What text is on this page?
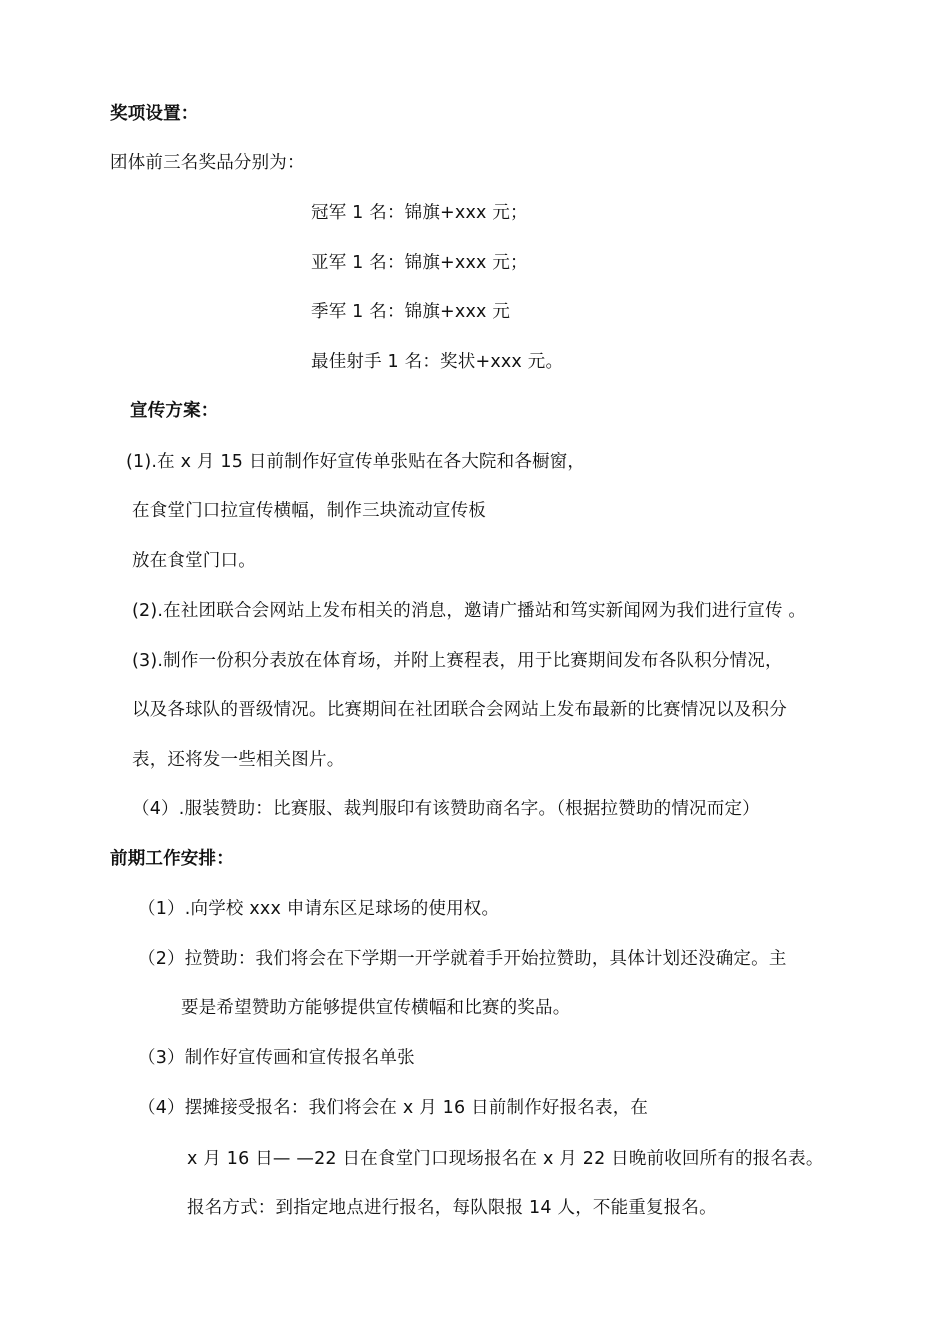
奖项设置：
团体前三名奖品分别为：
冠军 1 名：锦旗+xxx 元；
亚军 1 名：锦旗+xxx 元；
季军 1 名：锦旗+xxx 元
最佳射手 1 名：奖状+xxx 元。
宣传方案：
(1).在 x 月 15 日前制作好宣传单张贴在各大院和各橱窗，
在食堂门口拉宣传横幅，制作三块流动宣传板
放在食堂门口。
(2).在社团联合会网站上发布相关的消息，邀请广播站和笃实新闻网为我们进行宣传 。
(3).制作一份积分表放在体育场，并附上赛程表，用于比赛期间发布各队积分情况，
以及各球队的晋级情况。比赛期间在社团联合会网站上发布最新的比赛情况以及积分
表，还将发一些相关图片。
（4）.服装赞助：比赛服、裁判服印有该赞助商名字。（根据拉赞助的情况而定）
前期工作安排：
（1）.向学校 xxx 申请东区足球场的使用权。
（2）拉赞助：我们将会在下学期一开学就着手开始拉赞助，具体计划还没确定。主
要是希望赞助方能够提供宣传横幅和比赛的奖品。
（3）制作好宣传画和宣传报名单张
（4）摆摊接受报名：我们将会在 x 月 16 日前制作好报名表，在
x 月 16 日— —22 日在食堂门口现场报名在 x 月 22 日晚前收回所有的报名表。
报名方式：到指定地点进行报名，每队限报 14 人，不能重复报名。
